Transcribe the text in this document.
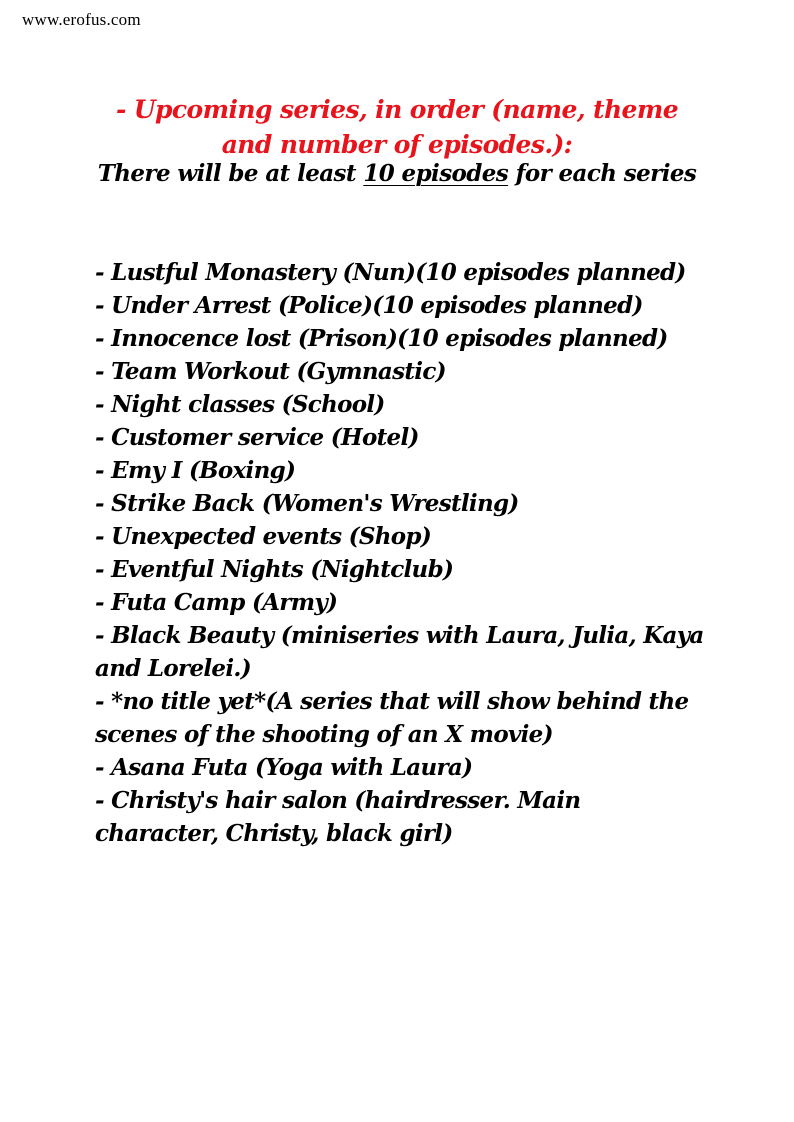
www.erofus.com
- Upcoming series, in order (name, theme and number of episodes.):
There will be at least 10 episodes for each series
- Lustful Monastery (Nun)(10 episodes planned)
- Under Arrest (Police)(10 episodes planned)
- Innocence lost (Prison)(10 episodes planned)
- Team Workout (Gymnastic)
- Night classes (School)
- Customer service (Hotel)
- Emy I (Boxing)
- Strike Back (Women's Wrestling)
- Unexpected events (Shop)
- Eventful Nights (Nightclub)
- Futa Camp (Army)
- Black Beauty (miniseries with Laura, Julia, Kaya and Lorelei.)
- *no title yet*(A series that will show behind the scenes of the shooting of an X movie)
- Asana Futa (Yoga with Laura)
- Christy's hair salon (hairdresser. Main character, Christy, black girl)
